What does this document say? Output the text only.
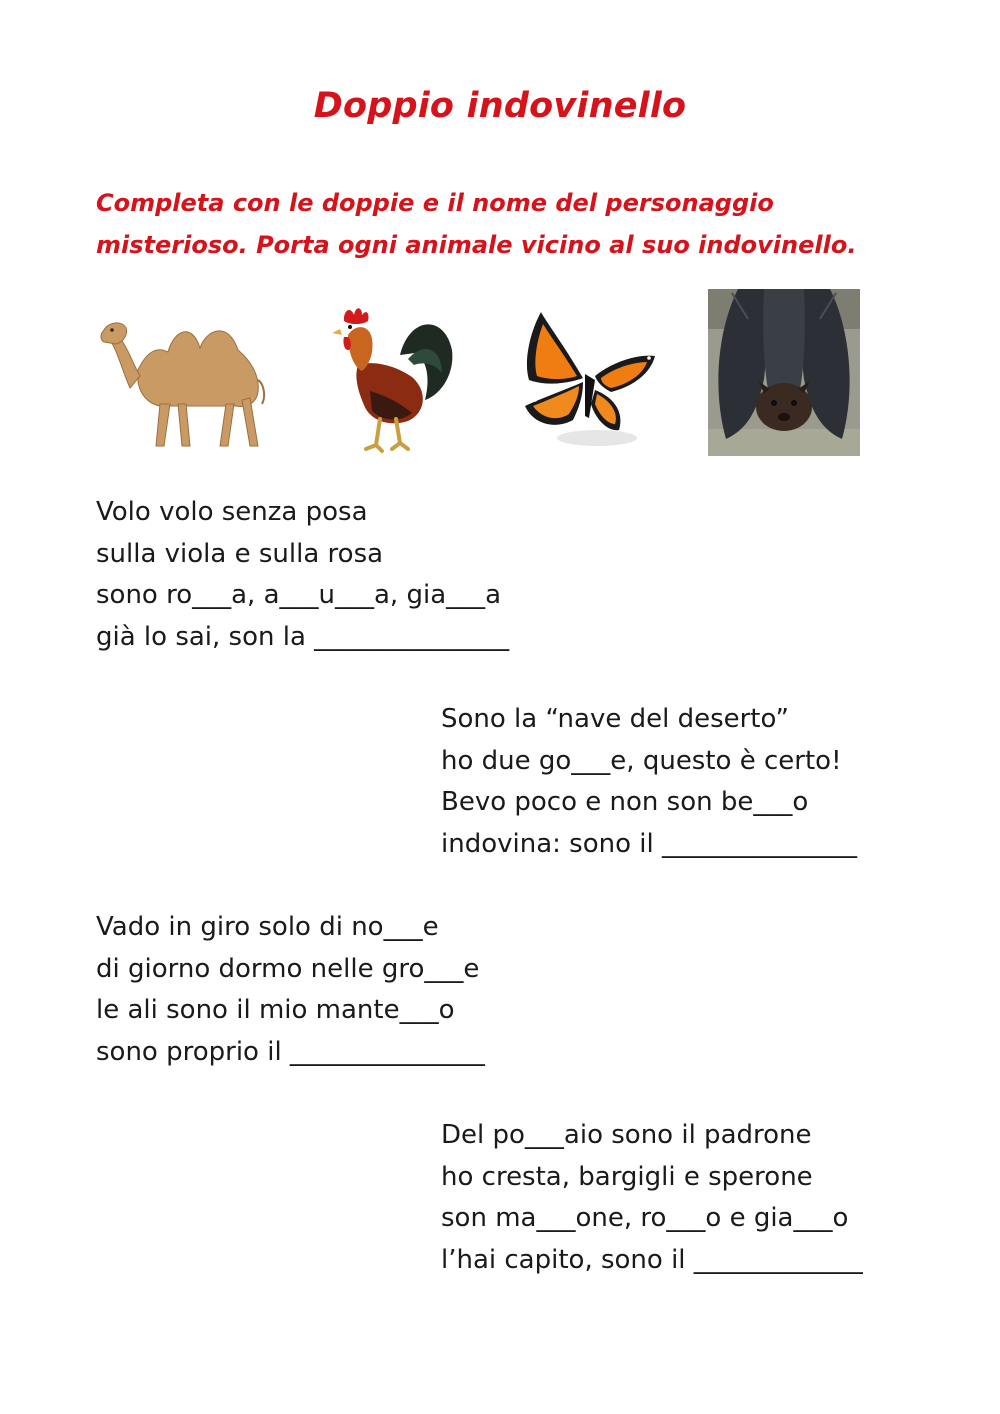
Doppio indovinello

Completa con le doppie e il nome del personaggio
misterioso. Porta ogni animale vicino al suo indovinello.

Volo volo senza posa
sulla viola e sulla rosa
sono ro___a, a___u___a, gia___a
già lo sai, son la _______________

Sono la “nave del deserto”
ho due go___e, questo è certo!
Bevo poco e non son be___o
indovina: sono il _______________

Vado in giro solo di no___e
di giorno dormo nelle gro___e
le ali sono il mio mante___o
sono proprio il _______________

Del po___aio sono il padrone
ho cresta, bargigli e sperone
son ma___one, ro___o e gia___o
l’hai capito, sono il _____________
